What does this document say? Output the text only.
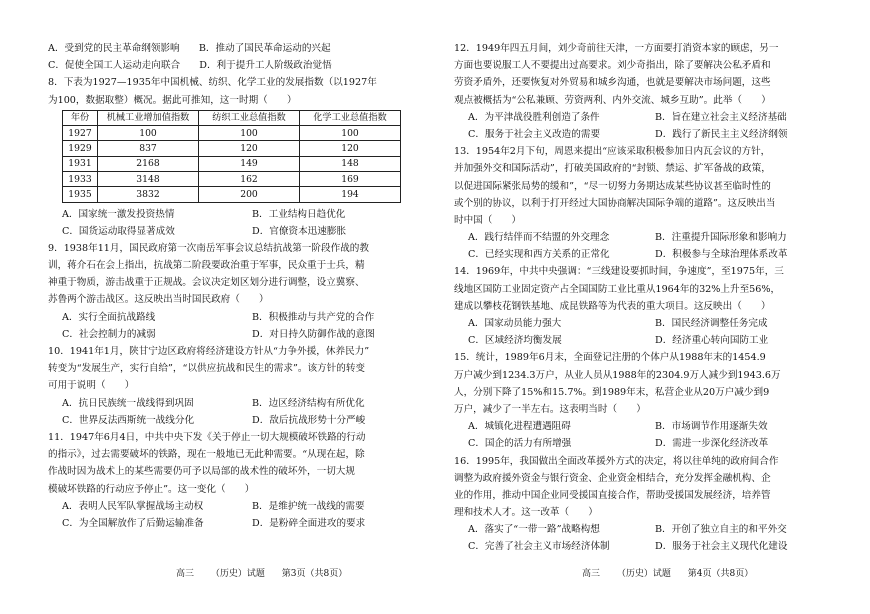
A．受到党的民主革命纲领影响　　B．推动了国民革命运动的兴起
C．促使全国工人运动走向联合　　D．利于提升工人阶级政治觉悟
8．下表为1927—1935年中国机械、纺织、化学工业的发展指数（以1927年
为100，数据取整）概况。据此可推知，这一时期（　　）
年份	机械工业增加值指数	纺织工业总值指数	化学工业总值指数
1927	100	100	100
1929	837	120	120
1931	2168	149	148
1933	3148	162	169
1935	3832	200	194
A．国家统一激发投资热情	B．工业结构日趋优化
C．国货运动取得显著成效	D．官僚资本迅速膨胀
9．1938年11月，国民政府第一次南岳军事会议总结抗战第一阶段作战的教
训，蒋介石在会上指出，抗战第二阶段要政治重于军事，民众重于士兵，精
神重于物质，游击战重于正规战。会议决定划区划分进行调整，设立冀察、
苏鲁两个游击战区。这反映出当时国民政府（　　）
A．实行全面抗战路线	B．积极推动与共产党的合作
C．社会控制力的减弱	D．对日持久防御作战的意图
10．1941年1月，陕甘宁边区政府将经济建设方针从“力争外援，休养民力”
转变为“发展生产，实行自给”，“以供应抗战和民生的需求”。该方针的转变
可用于说明（　　）
A．抗日民族统一战线得到巩固	B．边区经济结构有所优化
C．世界反法西斯统一战线分化	D．敌后抗战形势十分严峻
11．1947年6月4日，中共中央下发《关于停止一切大规模破坏铁路的行动
的指示》，过去需要破坏的铁路，现在一般地已无此种需要。“从现在起，除
作战时因为战术上的某些需要仍可予以局部的战术性的破坏外，一切大规
模破坏铁路的行动应予停止”。这一变化（　　）
A．表明人民军队掌握战场主动权	B．是维护统一战线的需要
C．为全国解放作了后勤运输准备	D．是粉碎全面进攻的要求
12．1949年四五月间，刘少奇前往天津，一方面要打消资本家的顾虑，另一
方面也要说服工人不要提出过高要求。刘少奇指出，除了要解决公私矛盾和
劳资矛盾外，还要恢复对外贸易和城乡沟通，也就是要解决市场问题，这些
观点被概括为“公私兼顾、劳资两利、内外交流、城乡互助”。此举（　　）
A．为平津战役胜利创造了条件	B．旨在建立社会主义经济基础
C．服务于社会主义改造的需要	D．践行了新民主主义经济纲领
13．1954年2月下旬，周恩来提出“应该采取积极参加日内瓦会议的方针，
并加强外交和国际活动”，打破美国政府的“封锁、禁运、扩军备战的政策，
以促进国际紧张局势的缓和”，“尽一切努力务期达成某些协议甚至临时性的
或个别的协议，以利于打开经过大国协商解决国际争端的道路”。这反映出当
时中国（　　）
A．践行结伴而不结盟的外交理念	B．注重提升国际形象和影响力
C．已经实现和西方关系的正常化	D．积极参与全球治理体系改革
14．1969年，中共中央强调：“三线建设要抓时间，争速度”，至1975年，三
线地区国防工业固定资产占全国国防工业比重从1964年的32%上升至56%，
建成以攀枝花钢铁基地、成昆铁路等为代表的重大项目。这反映出（　　）
A．国家动员能力强大	B．国民经济调整任务完成
C．区域经济均衡发展	D．经济重心转向国防工业
15．统计，1989年6月末，全面登记注册的个体户从1988年末的1454.9
万户减少到1234.3万户，从业人员从1988年的2304.9万人减少到1943.6万
人，分别下降了15%和15.7%。到1989年末，私营企业从20万户减少到9
万户，减少了一半左右。这表明当时（　　）
A．城镇化进程遭遇阻碍	B．市场调节作用逐渐失效
C．国企的活力有所增强	D．需进一步深化经济改革
16．1995年，我国做出全面改革援外方式的决定，将以往单纯的政府间合作
调整为政府援外资金与银行资金、企业资金相结合，充分发挥金融机构、企
业的作用，推动中国企业同受援国直接合作，帮助受援国发展经济，培养管
理和技术人才。这一改革（　　）
A．落实了“一带一路”战略构想	B．开创了独立自主的和平外交
C．完善了社会主义市场经济体制	D．服务于社会主义现代化建设
高三 （历史）试题 第3页（共8页）	高三 （历史）试题 第4页（共8页）
